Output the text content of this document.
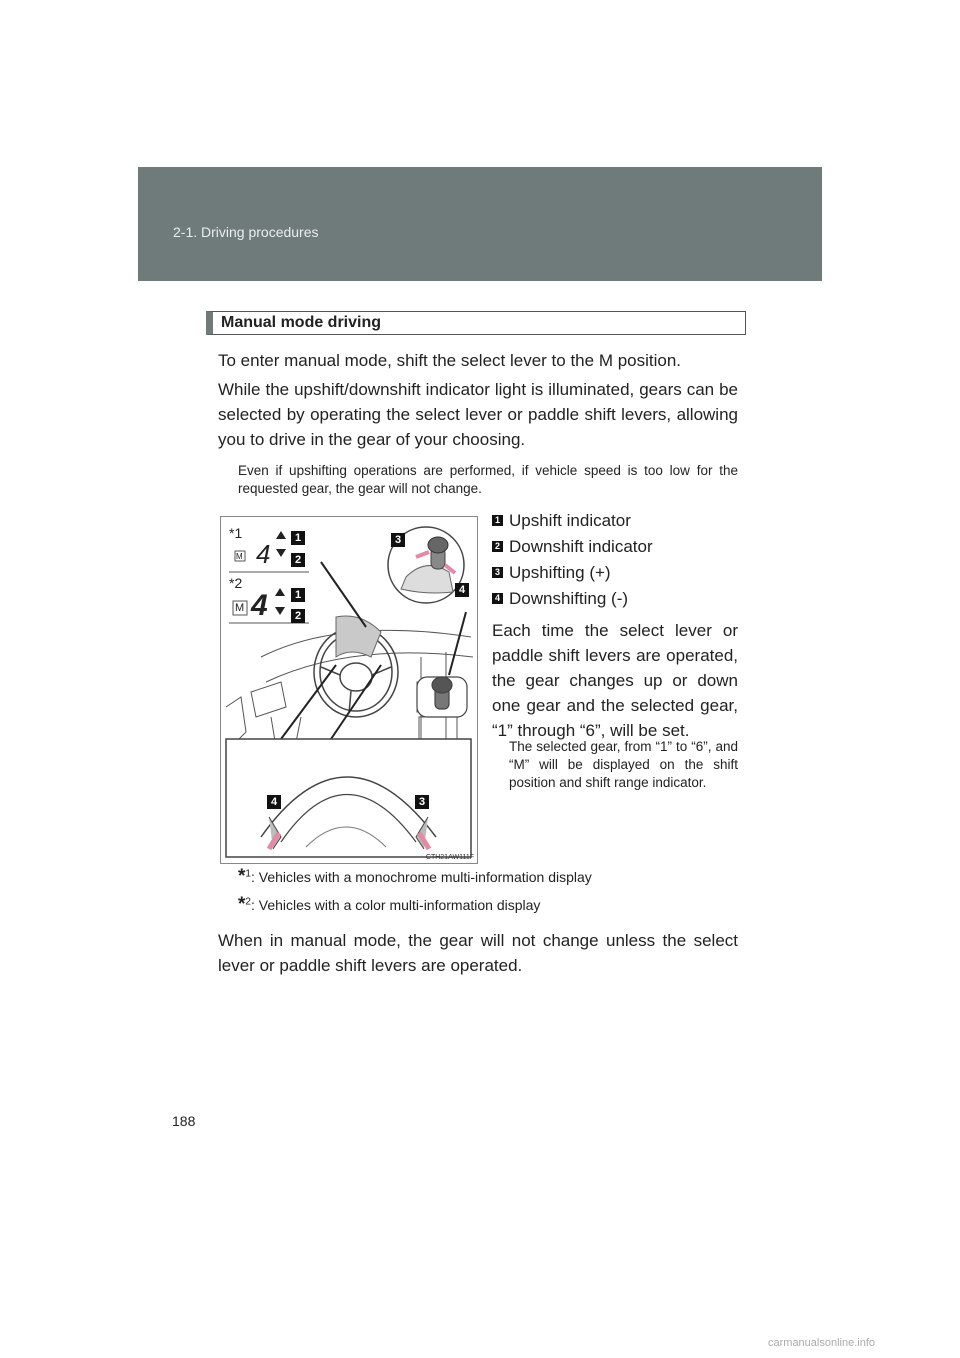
2-1. Driving procedures
Manual mode driving
To enter manual mode, shift the select lever to the M position.
While the upshift/downshift indicator light is illuminated, gears can be selected by operating the select lever or paddle shift levers, allowing you to drive in the gear of your choosing.
Even if upshifting operations are performed, if vehicle speed is too low for the requested gear, the gear will not change.
4
4
*1
*2
M
M
1
2
1
2
3
4
4	3
CTH21AW111F
1 Upshift indicator
2 Downshift indicator
3 Upshifting (+)
4 Downshifting (-)
Each time the select lever or paddle shift levers are operated, the gear changes up or down one gear and the selected gear, “1” through “6”, will be set.
The selected gear, from “1” to “6”, and “M” will be displayed on the shift position and shift range indicator.
*$^1$: Vehicles with a monochrome multi-information display
*$^2$: Vehicles with a color multi-information display
When in manual mode, the gear will not change unless the select lever or paddle shift levers are operated.
188
carmanualsonline.info
